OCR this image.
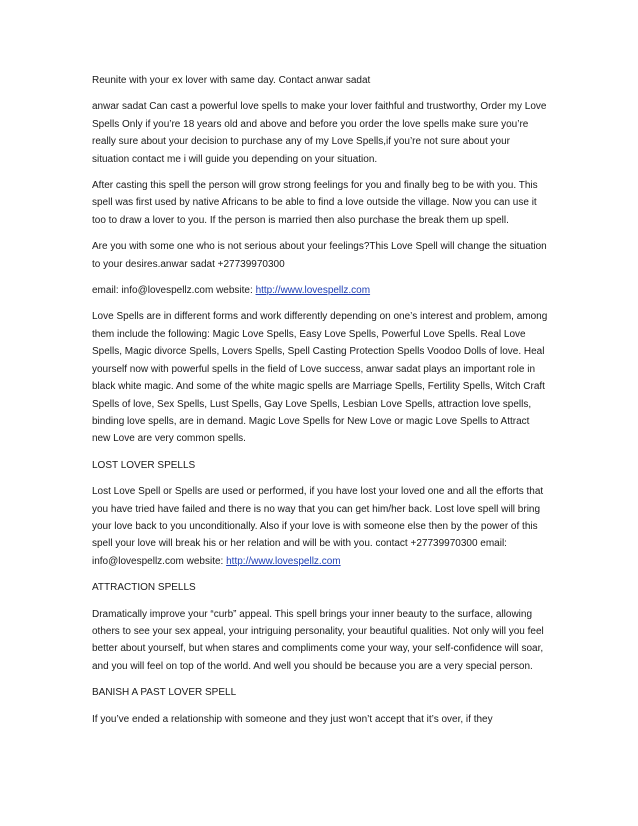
Reunite with your ex lover with same day. Contact anwar sadat

anwar sadat Can cast a powerful love spells to make your lover faithful and trustworthy, Order my Love Spells Only if you’re 18 years old and above and before you order the love spells make sure you’re really sure about your decision to purchase any of my Love Spells,if you’re not sure about your situation contact me i will guide you depending on your situation.

After casting this spell the person will grow strong feelings for you and finally beg to be with you. This spell was first used by native Africans to be able to find a love outside the village. Now you can use it too to draw a lover to you. If the person is married then also purchase the break them up spell.

Are you with some one who is not serious about your feelings?This Love Spell will change the situation to your desires.anwar sadat +27739970300

email: info@lovespellz.com website: http://www.lovespellz.com

Love Spells are in different forms and work differently depending on one’s interest and problem, among them include the following: Magic Love Spells, Easy Love Spells, Powerful Love Spells. Real Love Spells, Magic divorce Spells, Lovers Spells, Spell Casting Protection Spells Voodoo Dolls of love. Heal yourself now with powerful spells in the field of Love success, anwar sadat plays an important role in black white magic. And some of the white magic spells are Marriage Spells, Fertility Spells, Witch Craft Spells of love, Sex Spells, Lust Spells, Gay Love Spells, Lesbian Love Spells, attraction love spells, binding love spells, are in demand. Magic Love Spells for New Love or magic Love Spells to Attract new Love are very common spells.

LOST LOVER SPELLS

Lost Love Spell or Spells are used or performed, if you have lost your loved one and all the efforts that you have tried have failed and there is no way that you can get him/her back. Lost love spell will bring your love back to you unconditionally. Also if your love is with someone else then by the power of this spell your love will break his or her relation and will be with you. contact +27739970300 email: info@lovespellz.com website: http://www.lovespellz.com

ATTRACTION SPELLS

Dramatically improve your “curb” appeal. This spell brings your inner beauty to the surface, allowing others to see your sex appeal, your intriguing personality, your beautiful qualities. Not only will you feel better about yourself, but when stares and compliments come your way, your self-confidence will soar, and you will feel on top of the world. And well you should be because you are a very special person.

BANISH A PAST LOVER SPELL

If you’ve ended a relationship with someone and they just won’t accept that it’s over, if they
